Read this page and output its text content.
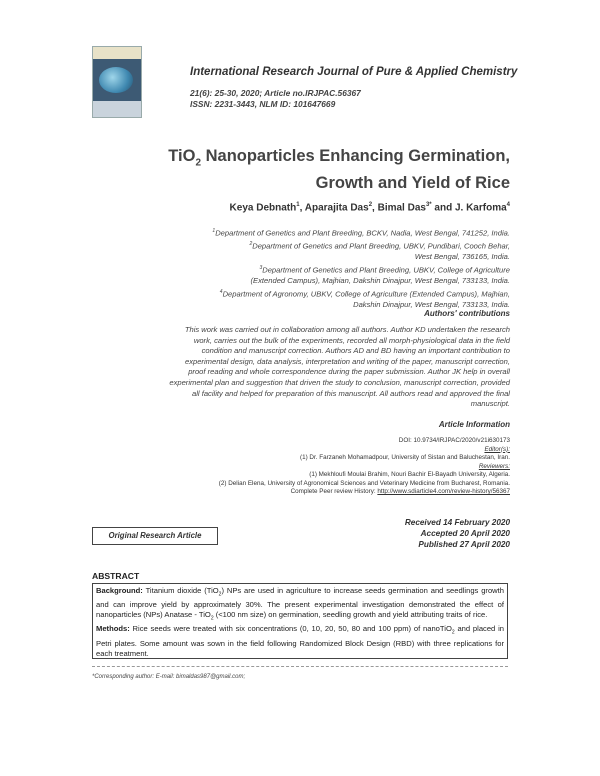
International Research Journal of Pure & Applied Chemistry
21(6): 25-30, 2020; Article no.IRJPAC.56367
ISSN: 2231-3443, NLM ID: 101647669
TiO$_2$ Nanoparticles Enhancing Germination,
Growth and Yield of Rice
Keya Debnath$^1$, Aparajita Das$^2$, Bimal Das$^{3*}$ and J. Karfoma$^4$
$^1$Department of Genetics and Plant Breeding, BCKV, Nadia, West Bengal, 741252, India.
$^2$Department of Genetics and Plant Breeding, UBKV, Pundibari, Cooch Behar,
West Bengal, 736165, India.
$^3$Department of Genetics and Plant Breeding, UBKV, College of Agriculture
(Extended Campus), Majhian, Dakshin Dinajpur, West Bengal, 733133, India.
$^4$Department of Agronomy, UBKV, College of Agriculture (Extended Campus), Majhian,
Dakshin Dinajpur, West Bengal, 733133, India.
Authors' contributions
This work was carried out in collaboration among all authors. Author KD undertaken the research
work, carries out the bulk of the experiments, recorded all morph-physiological data in the field
condition and manuscript correction. Authors AD and BD having an important contribution to
experimental design, data analysis, interpretation and writing of the paper, manuscript correction,
proof reading and whole correspondence during the paper submission. Author JK help in overall
experimental plan and suggestion that driven the study to conclusion, manuscript correction, provided
all facility and helped for preparation of this manuscript. All authors read and approved the final
manuscript.
Article Information
DOI: 10.9734/IRJPAC/2020/v21i630173
Editor(s):
(1) Dr. Farzaneh Mohamadpour, University of Sistan and Baluchestan, Iran.
Reviewers:
(1) Mekhloufi Moulai Brahim, Nouri Bachir El-Bayadh University, Algeria.
(2) Delian Elena, University of Agronomical Sciences and Veterinary Medicine from Bucharest, Romania.
Complete Peer review History: http://www.sdiarticle4.com/review-history/56367
Original Research Article
Received 14 February 2020
Accepted 20 April 2020
Published 27 April 2020
ABSTRACT
Background: Titanium dioxide (TiO$_2$) NPs are used in agriculture to increase seeds germination and seedlings growth and can improve yield by approximately 30%. The present experimental investigation demonstrated the effect of nanoparticles (NPs) Anatase - TiO$_2$ (<100 nm size) on germination, seedling growth and yield attributing traits of rice.
Methods: Rice seeds were treated with six concentrations (0, 10, 20, 50, 80 and 100 ppm) of nanoTiO$_2$ and placed in Petri plates. Some amount was sown in the field following Randomized Block Design (RBD) with three replications for each treatment.
*Corresponding author: E-mail: bimaldas987@gmail.com;
